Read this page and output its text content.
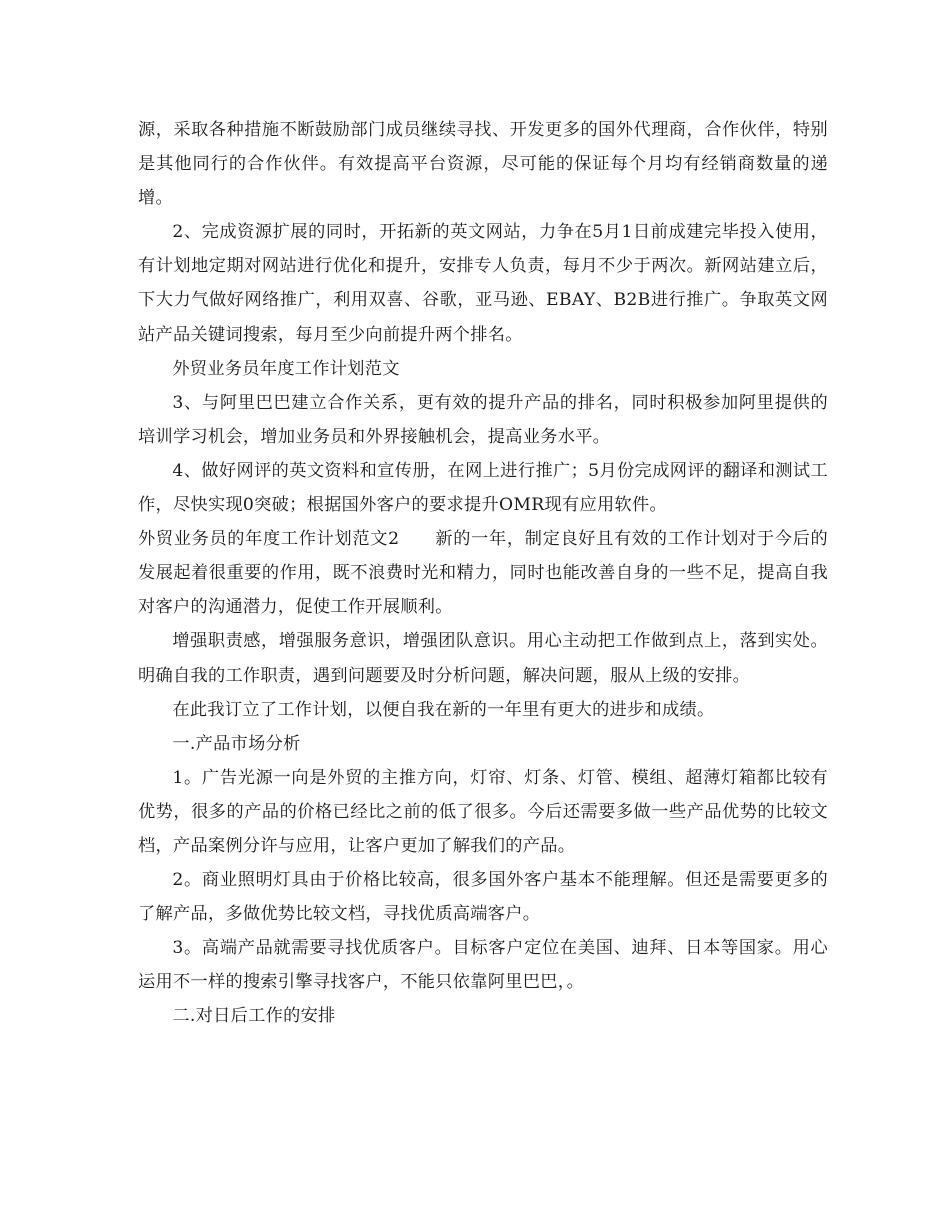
源，采取各种措施不断鼓励部门成员继续寻找、开发更多的国外代理商，合作伙伴，特别是其他同行的合作伙伴。有效提高平台资源，尽可能的保证每个月均有经销商数量的递增。

2、完成资源扩展的同时，开拓新的英文网站，力争在5月1日前成建完毕投入使用，有计划地定期对网站进行优化和提升，安排专人负责，每月不少于两次。新网站建立后，下大力气做好网络推广，利用双喜、谷歌，亚马逊、EBAY、B2B进行推广。争取英文网站产品关键词搜索，每月至少向前提升两个排名。

外贸业务员年度工作计划范文

3、与阿里巴巴建立合作关系，更有效的提升产品的排名，同时积极参加阿里提供的培训学习机会，增加业务员和外界接触机会，提高业务水平。

4、做好网评的英文资料和宣传册，在网上进行推广；5月份完成网评的翻译和测试工作，尽快实现0突破；根据国外客户的要求提升OMR现有应用软件。

外贸业务员的年度工作计划范文2　　新的一年，制定良好且有效的工作计划对于今后的发展起着很重要的作用，既不浪费时光和精力，同时也能改善自身的一些不足，提高自我对客户的沟通潜力，促使工作开展顺利。

增强职责感，增强服务意识，增强团队意识。用心主动把工作做到点上，落到实处。明确自我的工作职责，遇到问题要及时分析问题，解决问题，服从上级的安排。

在此我订立了工作计划，以便自我在新的一年里有更大的进步和成绩。

一.产品市场分析

1。广告光源一向是外贸的主推方向，灯帘、灯条、灯管、模组、超薄灯箱都比较有优势，很多的产品的价格已经比之前的低了很多。今后还需要多做一些产品优势的比较文档，产品案例分许与应用，让客户更加了解我们的产品。

2。商业照明灯具由于价格比较高，很多国外客户基本不能理解。但还是需要更多的了解产品，多做优势比较文档，寻找优质高端客户。

3。高端产品就需要寻找优质客户。目标客户定位在美国、迪拜、日本等国家。用心运用不一样的搜索引擎寻找客户，不能只依靠阿里巴巴，。

二.对日后工作的安排
